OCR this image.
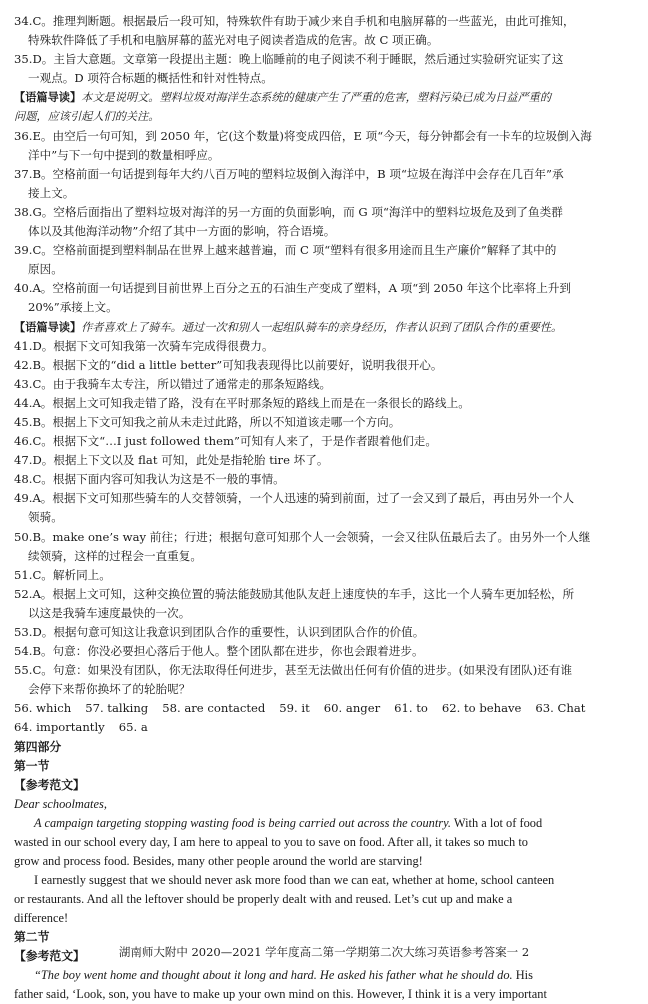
34.C。推理判断题。根据最后一段可知，特殊软件有助于减少来自手机和电脑屏幕的一些蓝光，由此可推知，
特殊软件降低了手机和电脑屏幕的蓝光对电子阅读者造成的危害。故 C 项正确。
35.D。主旨大意题。文章第一段提出主题：晚上临睡前的电子阅读不利于睡眠，然后通过实验研究证实了这
一观点。D 项符合标题的概括性和针对性特点。
【语篇导读】本文是说明文。塑料垃圾对海洋生态系统的健康产生了严重的危害，塑料污染已成为日益严重的
问题，应该引起人们的关注。
36.E。由空后一句可知，到 2050 年，它(这个数量)将变成四倍，E 项“今天，每分钟都会有一卡车的垃圾倒入海
洋中”与下一句中提到的数量相呼应。
37.B。空格前面一句话提到每年大约八百万吨的塑料垃圾倒入海洋中，B 项“垃圾在海洋中会存在几百年”承
接上文。
38.G。空格后面指出了塑料垃圾对海洋的另一方面的负面影响，而 G 项“海洋中的塑料垃圾危及到了鱼类群
体以及其他海洋动物”介绍了其中一方面的影响，符合语境。
39.C。空格前面提到塑料制品在世界上越来越普遍，而 C 项“塑料有很多用途而且生产廉价”解释了其中的
原因。
40.A。空格前面一句话提到目前世界上百分之五的石油生产变成了塑料，A 项“到 2050 年这个比率将上升到
20%”承接上文。
【语篇导读】作者喜欢上了骑车。通过一次和别人一起组队骑车的亲身经历，作者认识到了团队合作的重要性。
41.D。根据下文可知我第一次骑车完成得很费力。
42.B。根据下文的“did a little better”可知我表现得比以前要好，说明我很开心。
43.C。由于我骑车太专注，所以错过了通常走的那条短路线。
44.A。根据上文可知我走错了路，没有在平时那条短的路线上而是在一条很长的路线上。
45.B。根据上下文可知我之前从未走过此路，所以不知道该走哪一个方向。
46.C。根据下文“…I just followed them”可知有人来了，于是作者跟着他们走。
47.D。根据上下文以及 flat 可知，此处是指轮胎 tire 坏了。
48.C。根据下面内容可知我认为这是不一般的事情。
49.A。根据下文可知那些骑车的人交替领骑，一个人迅速的骑到前面，过了一会又到了最后，再由另外一个人
领骑。
50.B。make one’s way 前往；行进；根据句意可知那个人一会领骑，一会又往队伍最后去了。由另外一个人继
续领骑，这样的过程会一直重复。
51.C。解析同上。
52.A。根据上文可知，这种交换位置的骑法能鼓励其他队友赶上速度快的车手，这比一个人骑车更加轻松，所
以这是我骑车速度最快的一次。
53.D。根据句意可知这让我意识到团队合作的重要性，认识到团队合作的价值。
54.B。句意：你没必要担心落后于他人。整个团队都在进步，你也会跟着进步。
55.C。句意：如果没有团队，你无法取得任何进步，甚至无法做出任何有价值的进步。(如果没有团队)还有谁
会停下来帮你换坏了的轮胎呢？
56. which 57. talking 58. are contacted 59. it 60. anger 61. to 62. to behave 63. Chat
64. importantly 65. a
第四部分
第一节
【参考范文】
Dear schoolmates,
A campaign targeting stopping wasting food is being carried out across the country. With a lot of food
wasted in our school every day, I am here to appeal to you to save on food. After all, it takes so much to
grow and process food. Besides, many other people around the world are starving!
I earnestly suggest that we should never ask more food than we can eat, whether at home, school canteen
or restaurants. And all the leftover should be properly dealt with and reused. Let’s cut up and make a
difference!
第二节
【参考范文】
“The boy went home and thought about it long and hard. He asked his father what he should do. His
father said, ‘Look, son, you have to make up your own mind on this. However, I think it is a very important
湖南师大附中 2020—2021 学年度高二第一学期第二次大练习英语参考答案一 2
